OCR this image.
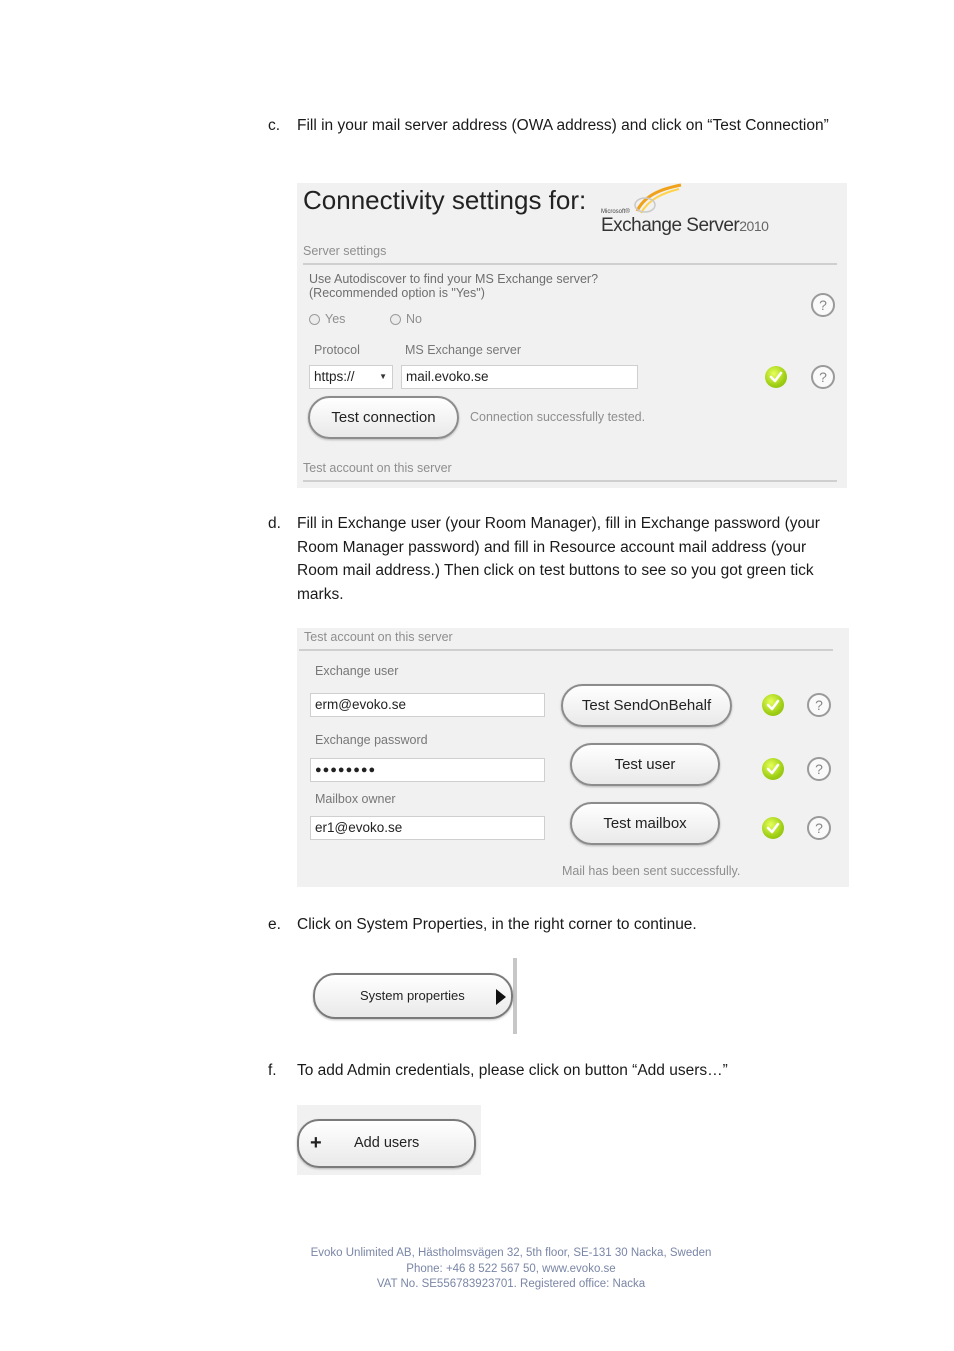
c. Fill in your mail server address (OWA address) and click on “Test Connection”
Connectivity settings for: Microsoft®
Exchange Server2010
Server settings
Use Autodiscover to find your MS Exchange server?
(Recommended option is "Yes")
Yes	No
?
Protocol	MS Exchange server
https://	▼	mail.evoko.se	?
Test connection	Connection successfully tested.
Test account on this server
d. Fill in Exchange user (your Room Manager), fill in Exchange password (your Room Manager password) and fill in Resource account mail address (your Room mail address.) Then click on test buttons to see so you got green tick marks.
Test account on this server
Exchange user
erm@evoko.se
Exchange password
●●●●●●●●
Mailbox owner
er1@evoko.se
Test SendOnBehalf
Test user
Test mailbox
?
?
?
Mail has been sent successfully.
e. Click on System Properties, in the right corner to continue.
System properties
f. To add Admin credentials, please click on button “Add users…”
+ Add users
Evoko Unlimited AB, Hästholmsvägen 32, 5th floor, SE-131 30 Nacka, Sweden
Phone: +46 8 522 567 50, www.evoko.se
VAT No. SE556783923701. Registered office: Nacka
